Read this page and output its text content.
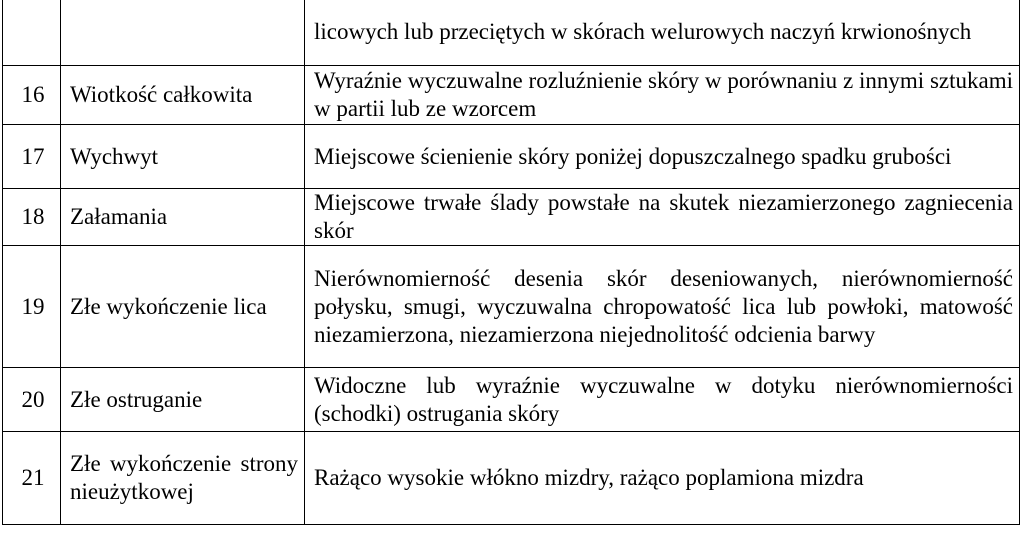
		licowych lub przeciętych w skórach welurowych naczyń krwionośnych
16	Wiotkość całkowita	Wyraźnie wyczuwalne rozluźnienie skóry w porównaniu z innymi sztukami w partii lub ze wzorcem
17	Wychwyt	Miejscowe ścienienie skóry poniżej dopuszczalnego spadku grubości
18	Załamania	Miejscowe trwałe ślady powstałe na skutek niezamierzonego zagniecenia skór
19	Złe wykończenie lica	Nierównomierność desenia skór deseniowanych, nierównomierność połysku, smugi, wyczuwalna chropowatość lica lub powłoki, matowość niezamierzona, niezamierzona niejednolitość odcienia barwy
20	Złe ostruganie	Widoczne lub wyraźnie wyczuwalne w dotyku nierównomierności (schodki) ostrugania skóry
21	Złe wykończenie strony nieużytkowej	Rażąco wysokie włókno mizdry, rażąco poplamiona mizdra
